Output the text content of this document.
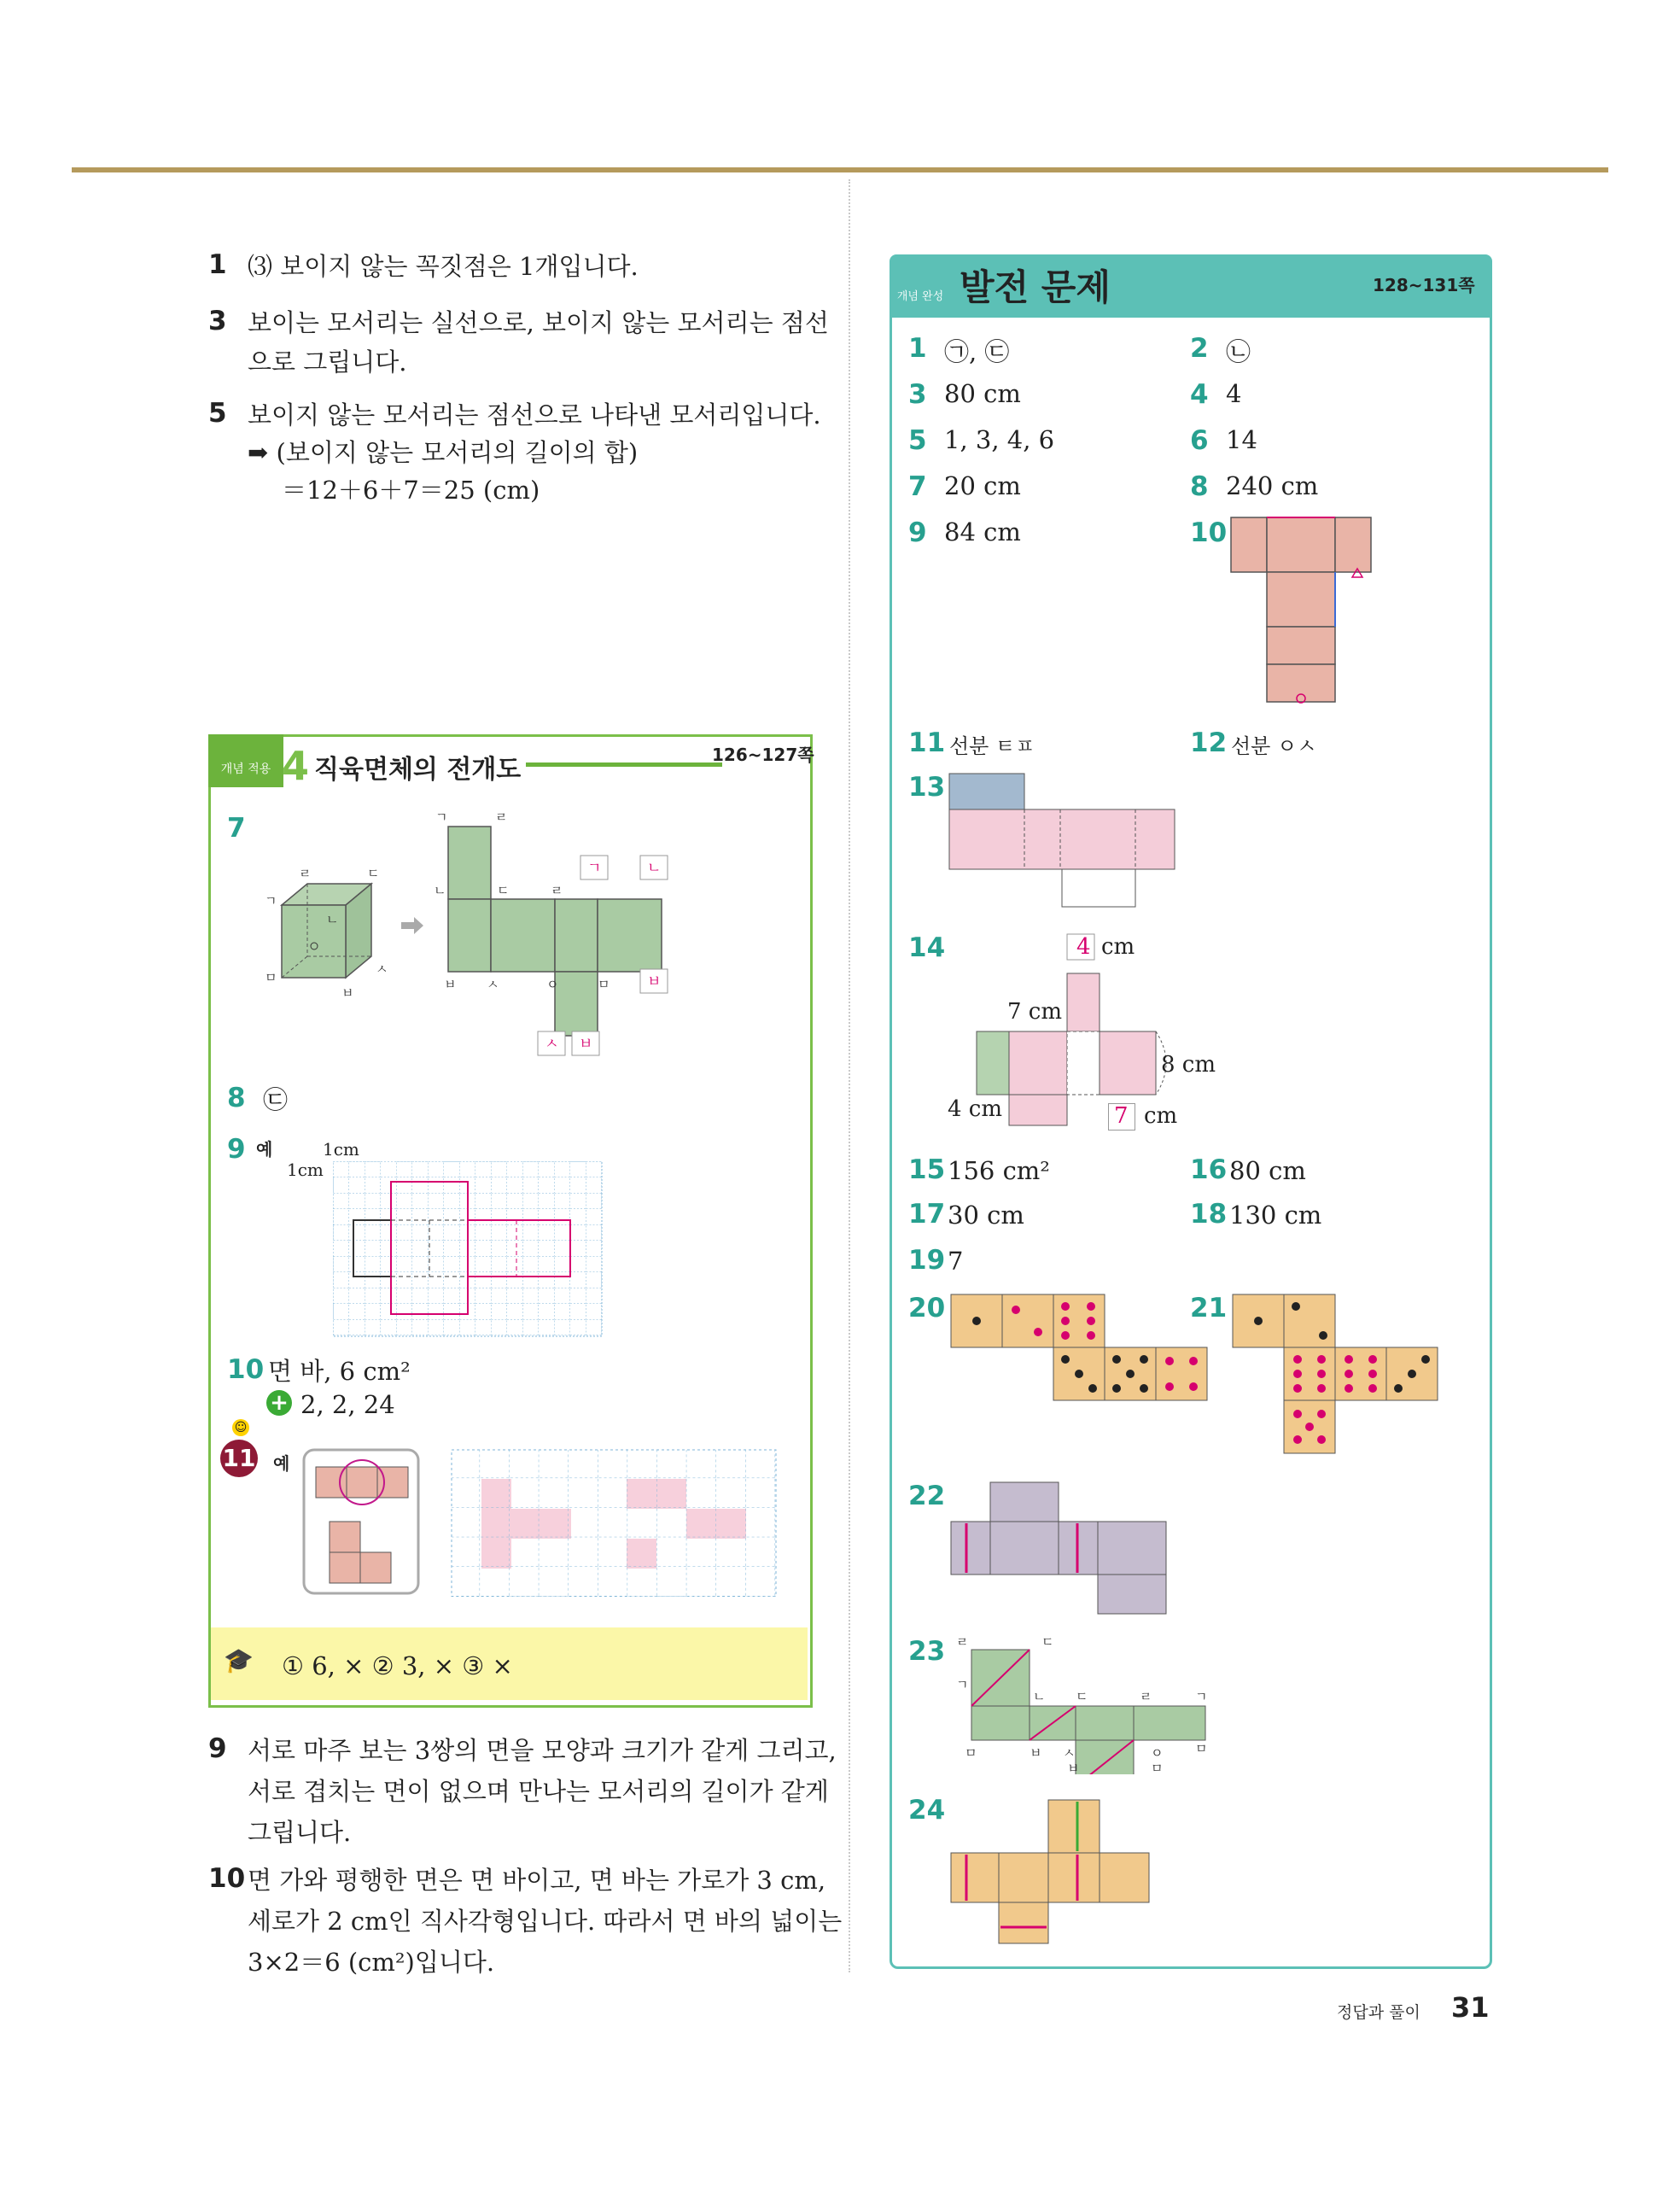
1 ⑶ 보이지 않는 꼭짓점은 1개입니다.
3 보이는 모서리는 실선으로, 보이지 않는 모서리는 점선
으로 그립니다.
5 보이지 않는 모서리는 점선으로 나타낸 모서리입니다.
➡ (보이지 않는 모서리의 길이의 합)
＝12＋6＋7＝25 (cm)
개념 적용 4 직육면체의 전개도	126~127쪽
7
ㄹ	ㄷ
ㄱ
ㄴ
ㅁ
ㅂ
ㅅ
ㄱ	ㄹ
ㄴ	ㄷ	ㄹ
ㅂ ㅅ	ㅇ	ㅁ
ㄱ	ㄴ
ㅂ
ㅅ ㅂ
8 ㉢
9 예	1cm
1cm
10 면 바, 6 cm²
+ 2, 2, 24
☺
11 예
🎓 ① 6, × ② 3, × ③ ×
9 서로 마주 보는 3쌍의 면을 모양과 크기가 같게 그리고,
서로 겹치는 면이 없으며 만나는 모서리의 길이가 같게
그립니다.
10 면 가와 평행한 면은 면 바이고, 면 바는 가로가 3 cm,
세로가 2 cm인 직사각형입니다. 따라서 면 바의 넓이는
3×2＝6 (cm²)입니다.
개념 완성 발전 문제	128~131쪽
1 ㉠, ㉢	2 ㉡
3 80 cm	4 4
5 1, 3, 4, 6	6 14
7 20 cm	8 240 cm
9 84 cm	10
11 선분 ㅌㅍ	12 선분 ㅇㅅ
13
14	4 cm
7 cm
8 cm
4 cm	7 cm
15 156 cm²	16 80 cm
17 30 cm	18 130 cm
19 7
20	21
22
23 ㄹ	ㄷ
ㄱ
ㄴ ㄷ	ㄹ	ㄱ
ㅁ	ㅂ ㅅ	ㅇ	ㅁ
ㅂ	ㅁ
24
정답과 풀이 31
